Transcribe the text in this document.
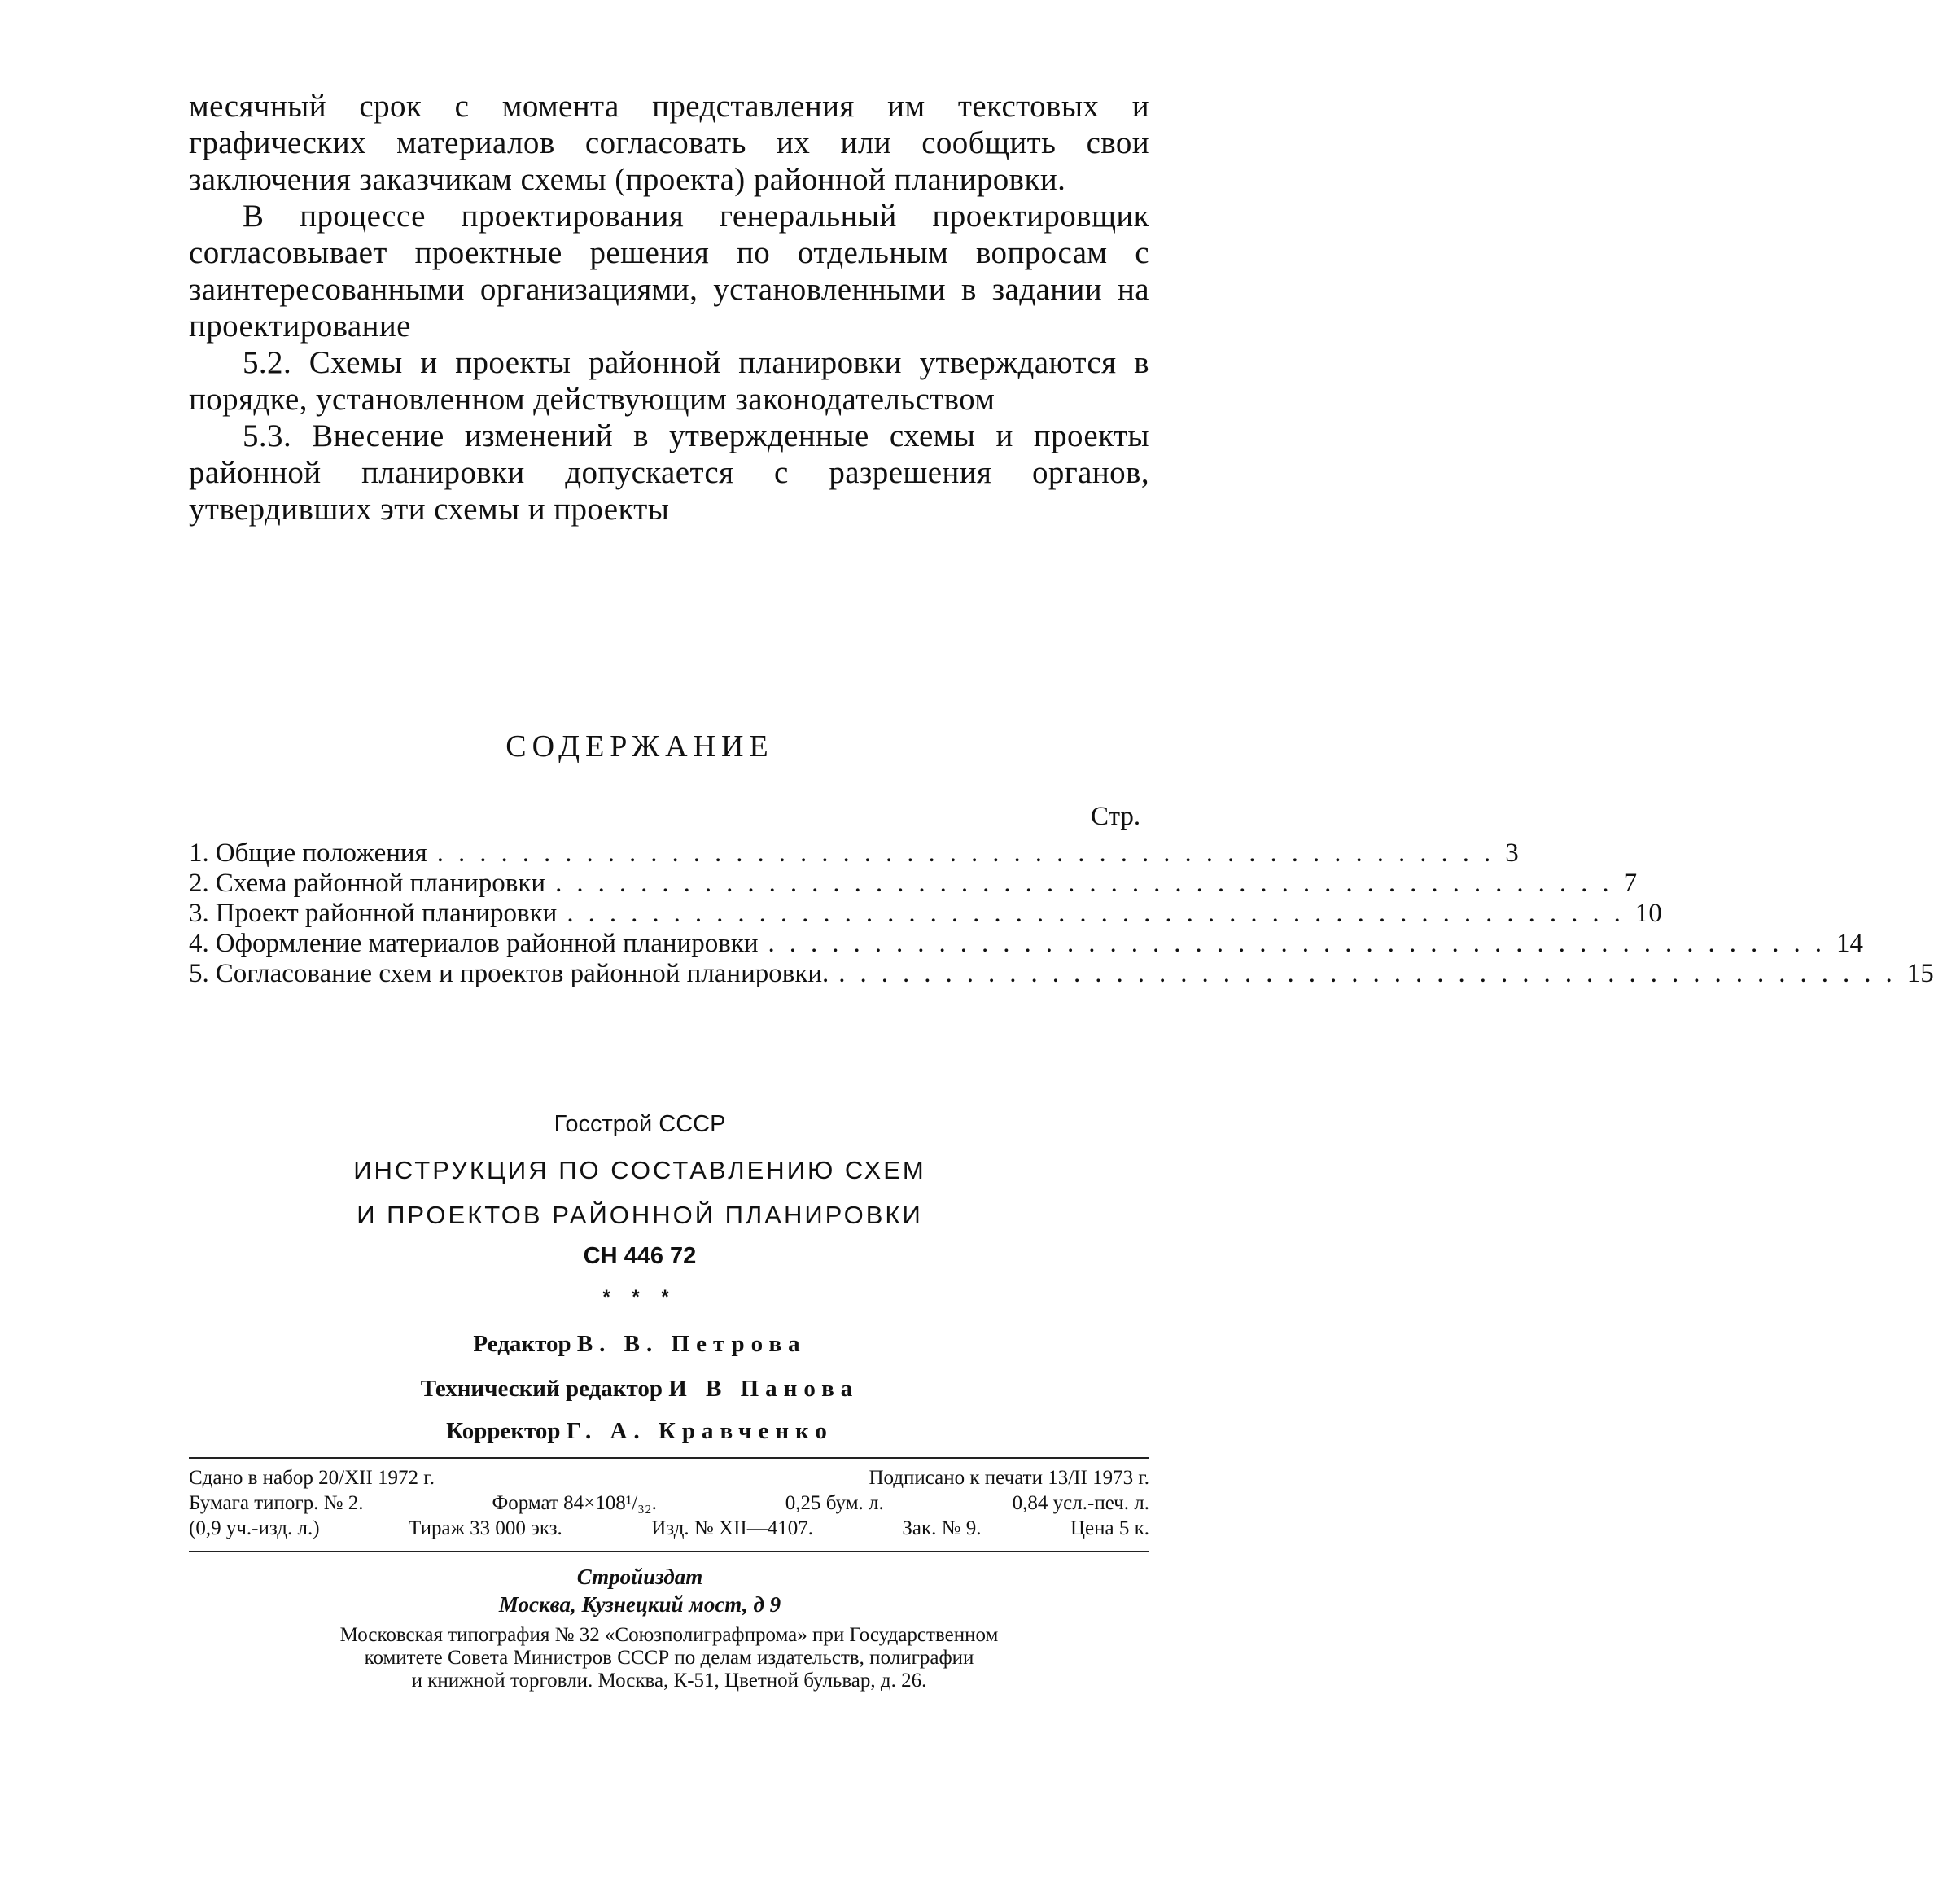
месячный срок с момента представления им текстовых и графических материалов согласовать их или сообщить свои заключения заказчикам схемы (проекта) районной планировки.

В процессе проектирования генеральный проектировщик согласовывает проектные решения по отдельным вопросам с заинтересованными организациями, установленными в задании на проектирование

5.2. Схемы и проекты районной планировки утверждаются в порядке, установленном действующим законодательством

5.3. Внесение изменений в утвержденные схемы и проекты районной планировки допускается с разрешения органов, утвердивших эти схемы и проекты

СОДЕРЖАНИЕ
Стр.
1. Общие положения .................................................. 3
2. Схема районной планировки .................................................. 7
3. Проект районной планировки .................................................. 10
4. Оформление материалов районной планировки .................................................. 14
5. Согласование схем и проектов районной планировки. .................................................. 15
Госстрой СССР
ИНСТРУКЦИЯ ПО СОСТАВЛЕНИЮ СХЕМ
И ПРОЕКТОВ РАЙОННОЙ ПЛАНИРОВКИ
СН 446 72
* * *
Редактор В. В. Петрова
Технический редактор И В Панова
Корректор Г. А. Кравченко
Сдано в набор 20/XII 1972 г.	Подписано к печати 13/II 1973 г.
Бумага типогр. № 2.	Формат 84×108¹/₃₂.	0,25 бум. л.	0,84 усл.-печ. л.
(0,9 уч.-изд. л.)	Тираж 33 000 экз.	Изд. № XII—4107.	Зак. № 9.	Цена 5 к.
Стройиздат
Москва, Кузнецкий мост, д 9
Московская типография № 32 «Союзполиграфпрома» при Государственном
комитете Совета Министров СССР по делам издательств, полиграфии
и книжной торговли. Москва, К-51, Цветной бульвар, д. 26.
